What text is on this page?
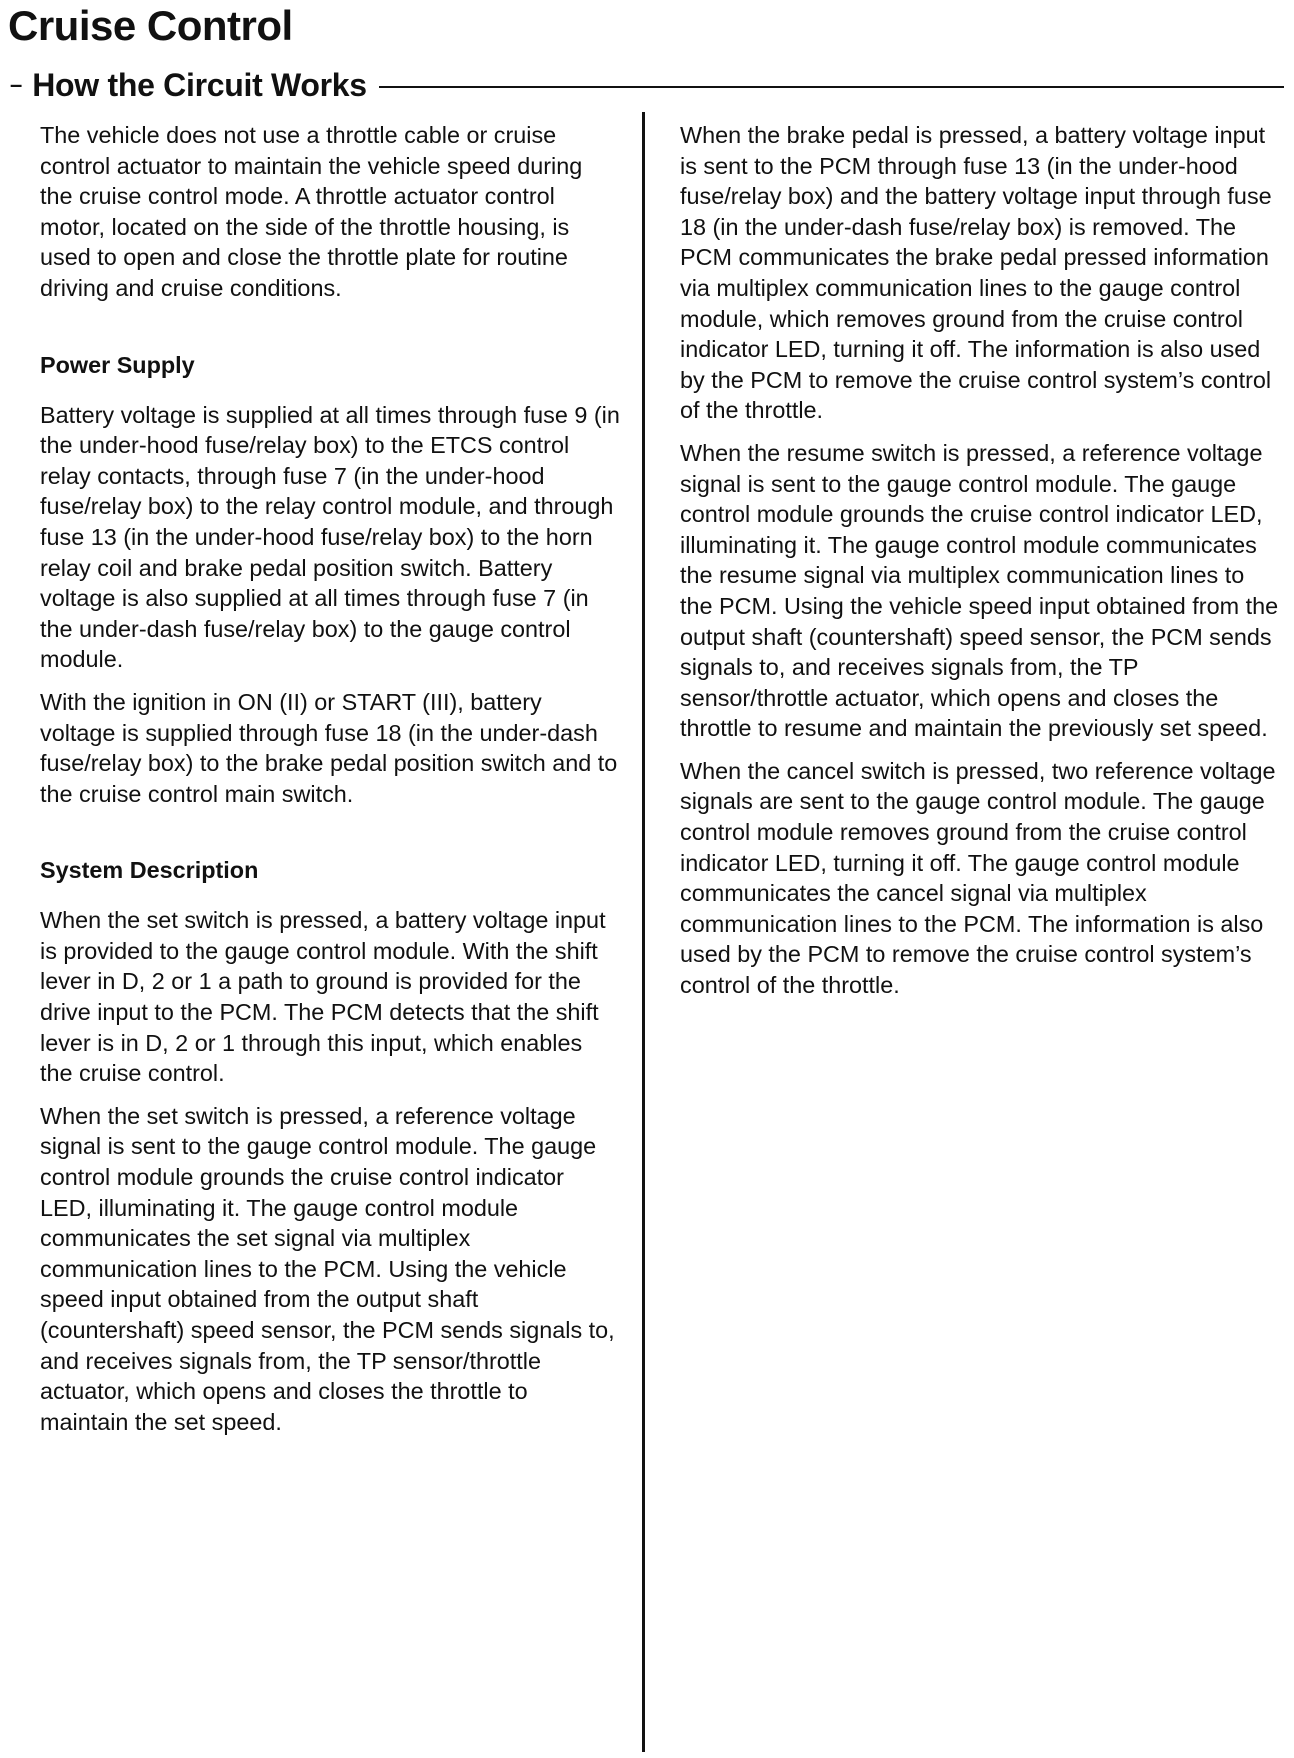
Cruise Control
– How the Circuit Works

The vehicle does not use a throttle cable or cruise control actuator to maintain the vehicle speed during the cruise control mode. A throttle actuator control motor, located on the side of the throttle housing, is used to open and close the throttle plate for routine driving and cruise conditions.

Power Supply

Battery voltage is supplied at all times through fuse 9 (in the under-hood fuse/relay box) to the ETCS control relay contacts, through fuse 7 (in the under-hood fuse/relay box) to the relay control module, and through fuse 13 (in the under-hood fuse/relay box) to the horn relay coil and brake pedal position switch. Battery voltage is also supplied at all times through fuse 7 (in the under-dash fuse/relay box) to the gauge control module.

With the ignition in ON (II) or START (III), battery voltage is supplied through fuse 18 (in the under-dash fuse/relay box) to the brake pedal position switch and to the cruise control main switch.

System Description

When the set switch is pressed, a battery voltage input is provided to the gauge control module. With the shift lever in D, 2 or 1 a path to ground is provided for the drive input to the PCM. The PCM detects that the shift lever is in D, 2 or 1 through this input, which enables the cruise control.

When the set switch is pressed, a reference voltage signal is sent to the gauge control module. The gauge control module grounds the cruise control indicator LED, illuminating it. The gauge control module communicates the set signal via multiplex communication lines to the PCM. Using the vehicle speed input obtained from the output shaft (countershaft) speed sensor, the PCM sends signals to, and receives signals from, the TP sensor/throttle actuator, which opens and closes the throttle to maintain the set speed.

When the brake pedal is pressed, a battery voltage input is sent to the PCM through fuse 13 (in the under-hood fuse/relay box) and the battery voltage input through fuse 18 (in the under-dash fuse/relay box) is removed. The PCM communicates the brake pedal pressed information via multiplex communication lines to the gauge control module, which removes ground from the cruise control indicator LED, turning it off. The information is also used by the PCM to remove the cruise control system’s control of the throttle.

When the resume switch is pressed, a reference voltage signal is sent to the gauge control module. The gauge control module grounds the cruise control indicator LED, illuminating it. The gauge control module communicates the resume signal via multiplex communication lines to the PCM. Using the vehicle speed input obtained from the output shaft (countershaft) speed sensor, the PCM sends signals to, and receives signals from, the TP sensor/throttle actuator, which opens and closes the throttle to resume and maintain the previously set speed.

When the cancel switch is pressed, two reference voltage signals are sent to the gauge control module. The gauge control module removes ground from the cruise control indicator LED, turning it off. The gauge control module communicates the cancel signal via multiplex communication lines to the PCM. The information is also used by the PCM to remove the cruise control system’s control of the throttle.
